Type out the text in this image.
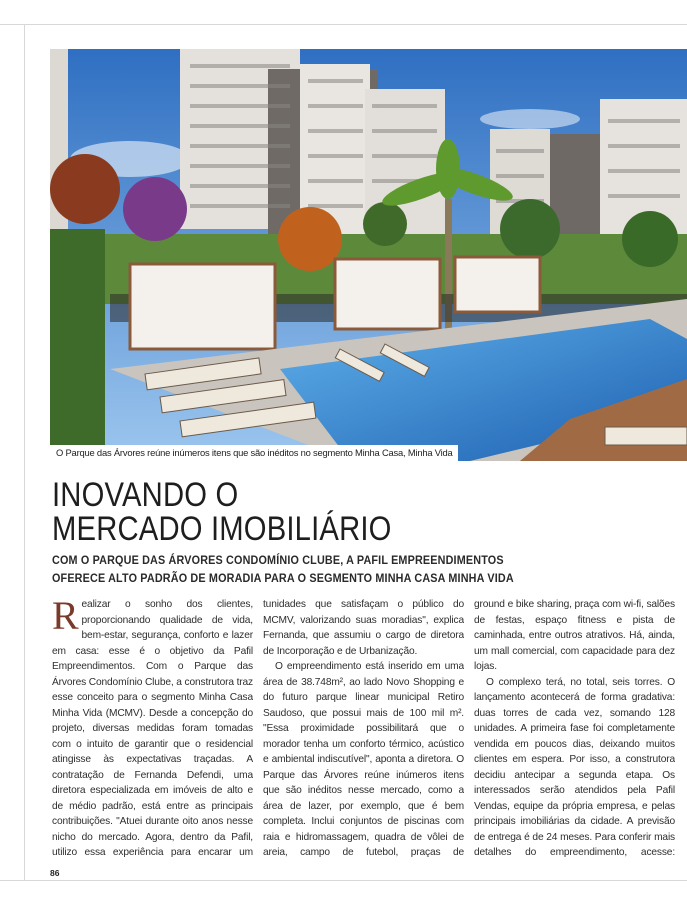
O Parque das Árvores reúne inúmeros itens que são inéditos no segmento Minha Casa, Minha Vida
INOVANDO O
MERCADO IMOBILIÁRIO
COM O PARQUE DAS ÁRVORES CONDOMÍNIO CLUBE, A PAFIL EMPREENDIMENTOS
OFERECE ALTO PADRÃO DE MORADIA PARA O SEGMENTO MINHA CASA MINHA VIDA

Realizar o sonho dos clientes, proporcionando qualidade de vida, bem-estar, segurança, conforto e lazer em casa: esse é o objetivo da Pafil Empreendimentos. Com o Parque das Árvores Condomínio Clube, a construtora traz esse conceito para o segmento Minha Casa Minha Vida (MCMV). Desde a concepção do projeto, diversas medidas foram tomadas com o intuito de garantir que o residencial atingisse às expectativas traçadas. A contratação de Fernanda Defendi, uma diretora especializada em imóveis de alto e de médio padrão, está entre as principais contribuições. "Atuei durante oito anos nesse nicho do mercado. Agora, dentro da Pafil, utilizo essa experiência para encarar um

tunidades que satisfaçam o público do MCMV, valorizando suas moradias", explica Fernanda, que assumiu o cargo de diretora de Incorporação e de Urbanização.

O empreendimento está inserido em uma área de 38.748m², ao lado Novo Shopping e do futuro parque linear municipal Retiro Saudoso, que possui mais de 100 mil m². "Essa proximidade possibilitará que o morador tenha um conforto térmico, acústico e ambiental indiscutível", aponta a diretora. O Parque das Árvores reúne inúmeros itens que são inéditos nesse mercado, como a área de lazer, por exemplo, que é bem completa. Inclui conjuntos de piscinas com raia e hidromassagem, quadra de vôlei de areia, campo de futebol, praças de

ground e bike sharing, praça com wi-fi, salões de festas, espaço fitness e pista de caminhada, entre outros atrativos. Há, ainda, um mall comercial, com capacidade para dez lojas.

O complexo terá, no total, seis torres. O lançamento acontecerá de forma gradativa: duas torres de cada vez, somando 128 unidades. A primeira fase foi completamente vendida em poucos dias, deixando muitos clientes em espera. Por isso, a construtora decidiu antecipar a segunda etapa. Os interessados serão atendidos pela Pafil Vendas, equipe da própria empresa, e pelas principais imobiliárias da cidade. A previsão de entrega é de 24 meses. Para conferir mais detalhes do empreendimento, acesse:

86
